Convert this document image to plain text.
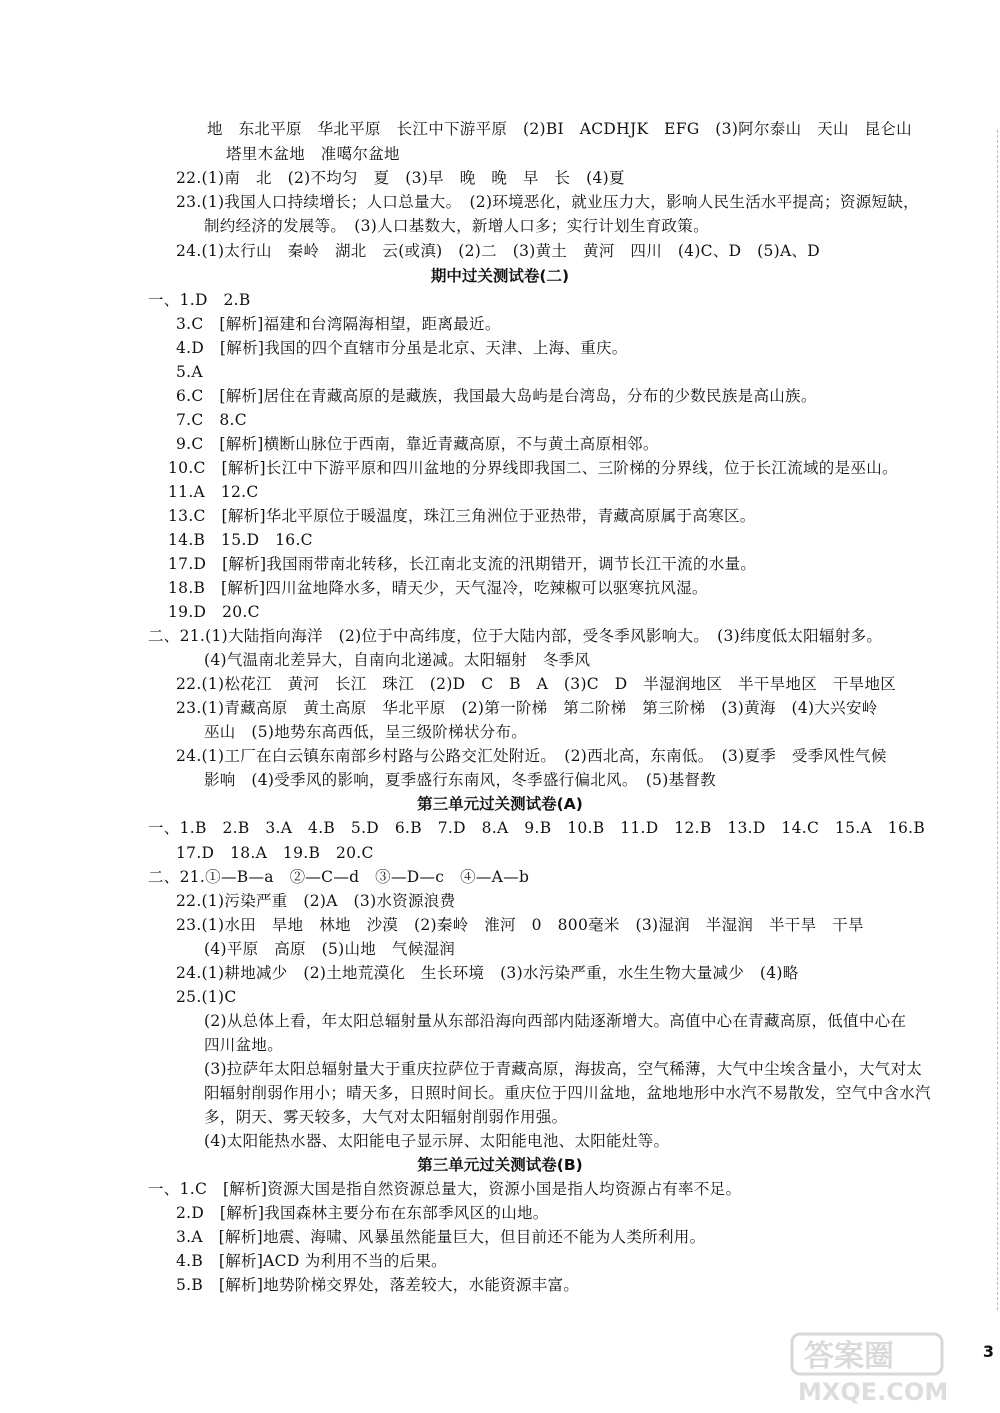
地　东北平原　华北平原　长江中下游平原　(2)BI　ACDHJK　EFG　(3)阿尔泰山　天山　昆仑山
塔里木盆地　准噶尔盆地
22.(1)南　北　(2)不均匀　夏　(3)早　晚　晚　早　长　(4)夏
23.(1)我国人口持续增长；人口总量大。　(2)环境恶化，就业压力大，影响人民生活水平提高；资源短缺，
制约经济的发展等。　(3)人口基数大，新增人口多；实行计划生育政策。
24.(1)太行山　秦岭　湖北　云(或滇)　(2)二　(3)黄土　黄河　四川　(4)C、D　(5)A、D
一、1.D　2.B
3.C　[解析]福建和台湾隔海相望，距离最近。
4.D　[解析]我国的四个直辖市分虽是北京、天津、上海、重庆。
5.A
6.C　[解析]居住在青藏高原的是藏族，我国最大岛屿是台湾岛，分布的少数民族是高山族。
7.C　8.C
9.C　[解析]横断山脉位于西南，靠近青藏高原，不与黄土高原相邻。
10.C　[解析]长江中下游平原和四川盆地的分界线即我国二、三阶梯的分界线，位于长江流域的是巫山。
11.A　12.C
13.C　[解析]华北平原位于暖温度，珠江三角洲位于亚热带，青藏高原属于高寒区。
14.B　15.D　16.C
17.D　[解析]我国雨带南北转移，长江南北支流的汛期错开，调节长江干流的水量。
18.B　[解析]四川盆地降水多，晴天少，天气湿冷，吃辣椒可以驱寒抗风湿。
19.D　20.C
二、21.(1)大陆指向海洋　(2)位于中高纬度，位于大陆内部，受冬季风影响大。　(3)纬度低太阳辐射多。
(4)气温南北差异大，自南向北递减。太阳辐射　冬季风
22.(1)松花江　黄河　长江　珠江　(2)D　C　B　A　(3)C　D　半湿润地区　半干旱地区　干旱地区
23.(1)青藏高原　黄土高原　华北平原　(2)第一阶梯　第二阶梯　第三阶梯　(3)黄海　(4)大兴安岭
巫山　(5)地势东高西低，呈三级阶梯状分布。
24.(1)工厂在白云镇东南部乡村路与公路交汇处附近。　(2)西北高，东南低。　(3)夏季　受季风性气候
影响　(4)受季风的影响，夏季盛行东南风，冬季盛行偏北风。　(5)基督教
一、1.B　2.B　3.A　4.B　5.D　6.B　7.D　8.A　9.B　10.B　11.D　12.B　13.D　14.C　15.A　16.B
17.D　18.A　19.B　20.C
二、21.①—B—a　②—C—d　③—D—c　④—A—b
22.(1)污染严重　(2)A　(3)水资源浪费
23.(1)水田　旱地　林地　沙漠　(2)秦岭　淮河　0　800毫米　(3)湿润　半湿润　半干旱　干旱
(4)平原　高原　(5)山地　气候湿润
24.(1)耕地减少　(2)土地荒漠化　生长环境　(3)水污染严重，水生生物大量减少　(4)略
25.(1)C
(2)从总体上看，年太阳总辐射量从东部沿海向西部内陆逐渐增大。高值中心在青藏高原，低值中心在
四川盆地。
(3)拉萨年太阳总辐射量大于重庆拉萨位于青藏高原，海拔高，空气稀薄，大气中尘埃含量小，大气对太
阳辐射削弱作用小；晴天多，日照时间长。重庆位于四川盆地，盆地地形中水汽不易散发，空气中含水汽
多，阴天、雾天较多，大气对太阳辐射削弱作用强。
(4)太阳能热水器、太阳能电子显示屏、太阳能电池、太阳能灶等。
一、1.C　[解析]资源大国是指自然资源总量大，资源小国是指人均资源占有率不足。
2.D　[解析]我国森林主要分布在东部季风区的山地。
3.A　[解析]地震、海啸、风暴虽然能量巨大，但目前还不能为人类所利用。
4.B　[解析]ACD 为利用不当的后果。
5.B　[解析]地势阶梯交界处，落差较大，水能资源丰富。
期中过关测试卷(二)
第三单元过关测试卷(A)
第三单元过关测试卷(B)
3
答案圈
MXQE.COM
